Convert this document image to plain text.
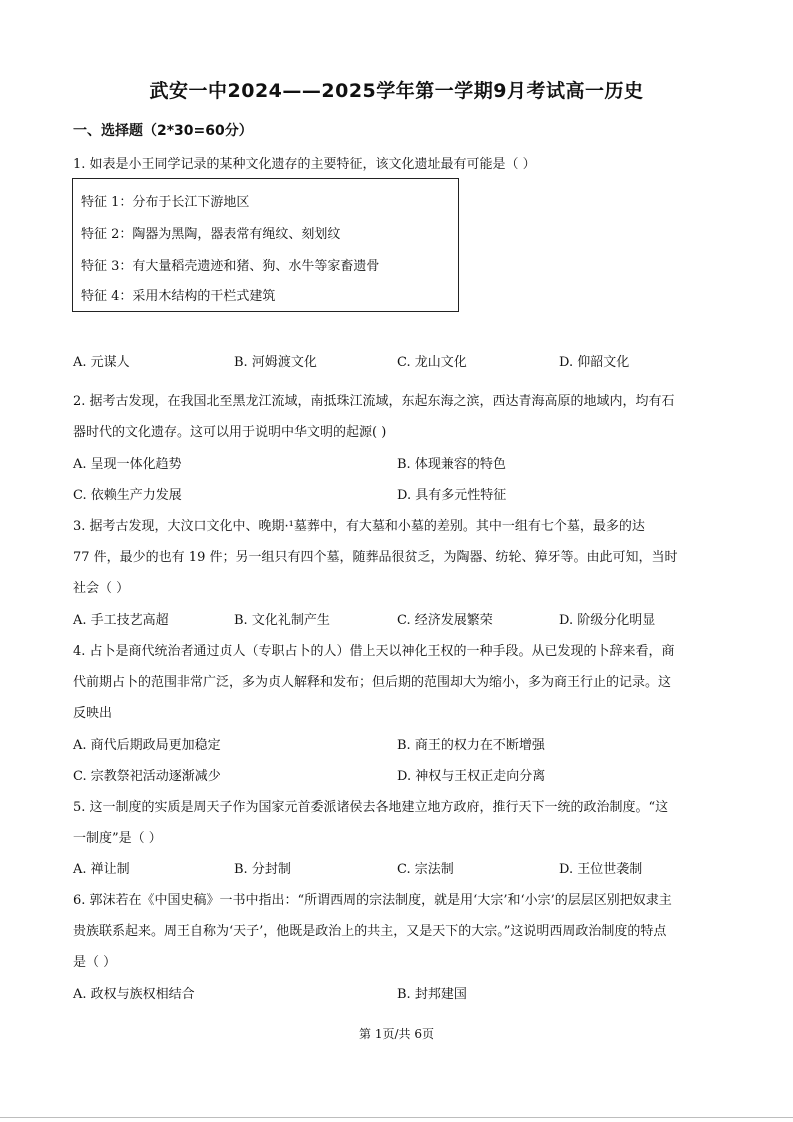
武安一中2024——2025学年第一学期9月考试高一历史
一、选择题（2*30=60分）
1. 如表是小王同学记录的某种文化遗存的主要特征，该文化遗址最有可能是（ ）
特征 1：分布于长江下游地区
特征 2：陶器为黑陶，器表常有绳纹、刻划纹
特征 3：有大量稻壳遗迹和猪、狗、水牛等家畜遗骨
特征 4：采用木结构的干栏式建筑
A. 元谋人	B. 河姆渡文化	C. 龙山文化	D. 仰韶文化
2. 据考古发现，在我国北至黑龙江流域，南抵珠江流域，东起东海之滨，西达青海高原的地域内，均有石
器时代的文化遗存。这可以用于说明中华文明的起源( )
A. 呈现一体化趋势	B. 体现兼容的特色
C. 依赖生产力发展	D. 具有多元性特征
3. 据考古发现，大汶口文化中、晚期·¹墓葬中，有大墓和小墓的差别。其中一组有七个墓，最多的达
77 件，最少的也有 19 件；另一组只有四个墓，随葬品很贫乏，为陶器、纺轮、獐牙等。由此可知，当时
社会（ ）
A. 手工技艺高超	B. 文化礼制产生	C. 经济发展繁荣	D. 阶级分化明显
4. 占卜是商代统治者通过贞人（专职占卜的人）借上天以神化王权的一种手段。从已发现的卜辞来看，商
代前期占卜的范围非常广泛，多为贞人解释和发布；但后期的范围却大为缩小，多为商王行止的记录。这
反映出
A. 商代后期政局更加稳定	B. 商王的权力在不断增强
C. 宗教祭祀活动逐渐减少	D. 神权与王权正走向分离
5. 这一制度的实质是周天子作为国家元首委派诸侯去各地建立地方政府，推行天下一统的政治制度。“这
一制度”是（ ）
A. 禅让制	B. 分封制	C. 宗法制	D. 王位世袭制
6. 郭沫若在《中国史稿》一书中指出：“所谓西周的宗法制度，就是用‘大宗’和‘小宗’的层层区别把奴隶主
贵族联系起来。周王自称为‘天子’，他既是政治上的共主，又是天下的大宗。”这说明西周政治制度的特点
是（ ）
A. 政权与族权相结合	B. 封邦建国
第 1页/共 6页
